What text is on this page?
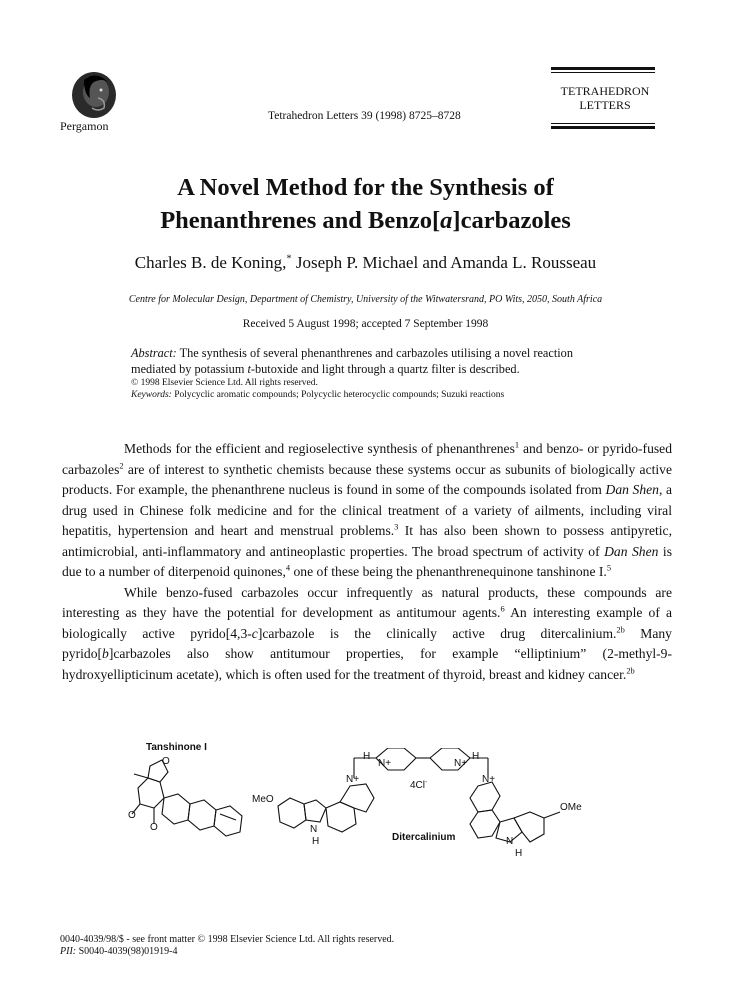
Pergamon
Tetrahedron Letters 39 (1998) 8725–8728
TETRAHEDRON
LETTERS
A Novel Method for the Synthesis of
Phenanthrenes and Benzo[a]carbazoles
Charles B. de Koning,* Joseph P. Michael and Amanda L. Rousseau
Centre for Molecular Design, Department of Chemistry, University of the Witwatersrand, PO Wits, 2050, South Africa
Received 5 August 1998; accepted 7 September 1998
Abstract: The synthesis of several phenanthrenes and carbazoles utilising a novel reaction mediated by potassium t-butoxide and light through a quartz filter is described.
© 1998 Elsevier Science Ltd. All rights reserved.
Keywords: Polycyclic aromatic compounds; Polycyclic heterocyclic compounds; Suzuki reactions

Methods for the efficient and regioselective synthesis of phenanthrenes$^1$ and benzo- or pyrido-fused carbazoles$^2$ are of interest to synthetic chemists because these systems occur as subunits of biologically active products. For example, the phenanthrene nucleus is found in some of the compounds isolated from Dan Shen, a drug used in Chinese folk medicine and for the clinical treatment of a variety of ailments, including viral hepatitis, hypertension and heart and menstrual problems.$^3$ It has also been shown to possess antipyretic, antimicrobial, anti-inflammatory and antineoplastic properties. The broad spectrum of activity of Dan Shen is due to a number of diterpenoid quinones,$^4$ one of these being the phenanthrenequinone tanshinone I.$^5$

While benzo-fused carbazoles occur infrequently as natural products, these compounds are interesting as they have the potential for development as antitumour agents.$^6$ An interesting example of a biologically active pyrido[4,3-c]carbazole is the clinically active drug ditercalinium.$^{2b}$ Many pyrido[b]carbazoles also show antitumour properties, for example “elliptinium” (2-methyl-9-hydroxyellipticinum acetate), which is often used for the treatment of thyroid, breast and kidney cancer.$^{2b}$

Tanshinone I
O
O
O
MeO
N
H
N+
H
N+
4Cl-
N+
H
N+
N
H
OMe
Ditercalinium
0040-4039/98/$ - see front matter © 1998 Elsevier Science Ltd. All rights reserved.
PII: S0040-4039(98)01919-4
